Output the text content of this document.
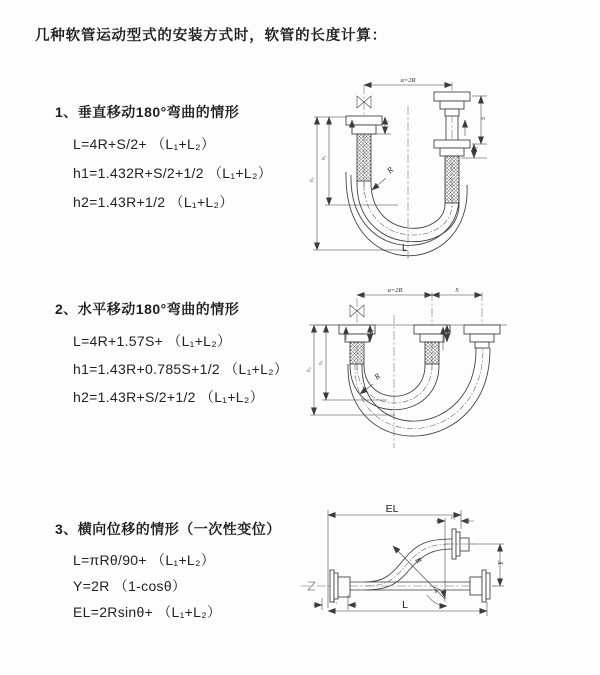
几种软管运动型式的安装方式时，软管的长度计算：
1、垂直移动180°弯曲的情形
L=4R+S/2+ （L₁+L₂）
h1=1.432R+S/2+1/2 （L₁+L₂）
h2=1.43R+1/2 （L₁+L₂）
2、水平移动180°弯曲的情形
L=4R+1.57S+ （L₁+L₂）
h1=1.43R+0.785S+1/2 （L₁+L₂）
h2=1.43R+S/2+1/2 （L₁+L₂）
3、横向位移的情形（一次性变位）
L=πRθ/90+ （L₁+L₂）
Y=2R （1-cosθ）
EL=2Rsinθ+ （L₁+L₂）
a=2R
R
L
h₂
h₁
L₁
S
L₂
a=2R	S
R
h₂
h₁
L₁	L₂
EL
L₂
Y
L
L₁
R
θ
